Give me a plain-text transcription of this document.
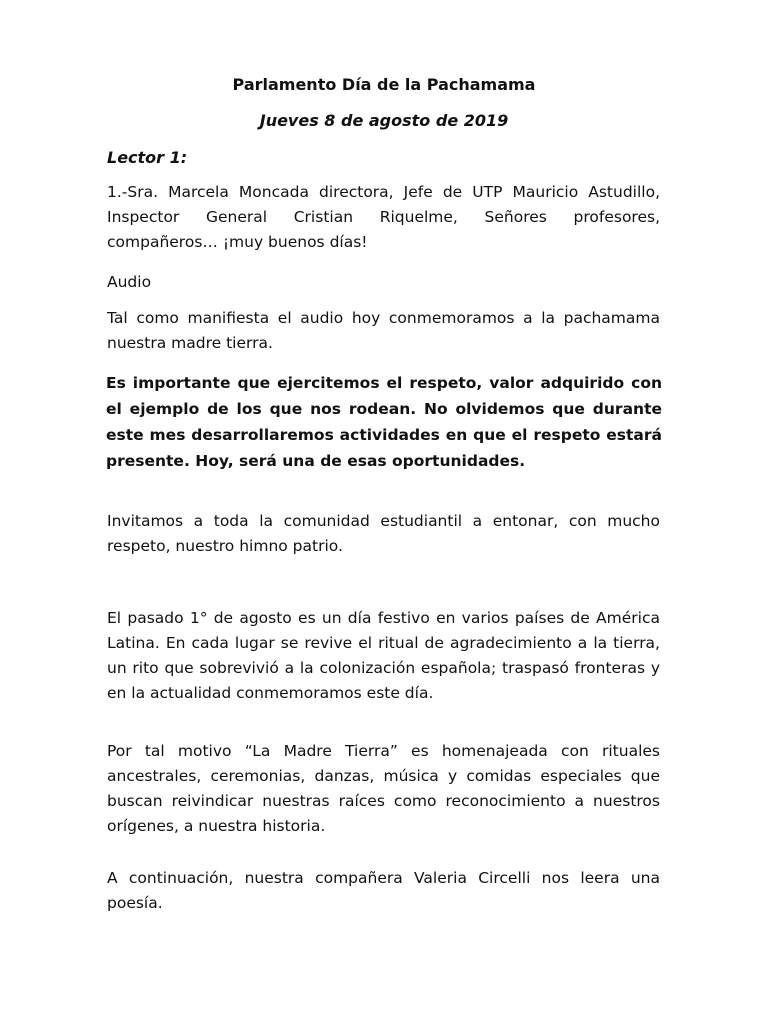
Parlamento Día de la Pachamama
Jueves 8 de agosto de 2019

Lector 1:

1.-Sra. Marcela Moncada directora, Jefe de UTP Mauricio Astudillo, Inspector General Cristian Riquelme, Señores profesores, compañeros… ¡muy buenos días!

Audio

Tal como manifiesta el audio hoy conmemoramos a la pachamama nuestra madre tierra.

Es importante que ejercitemos el respeto, valor adquirido con el ejemplo de los que nos rodean. No olvidemos que durante este mes desarrollaremos actividades en que el respeto estará presente. Hoy, será una de esas oportunidades.

Invitamos a toda la comunidad estudiantil a entonar, con mucho respeto, nuestro himno patrio.

El pasado 1° de agosto es un día festivo en varios países de América Latina. En cada lugar se revive el ritual de agradecimiento a la tierra, un rito que sobrevivió a la colonización española; traspasó fronteras y en la actualidad conmemoramos este día.

Por tal motivo “La Madre Tierra” es homenajeada con rituales ancestrales, ceremonias, danzas, música y comidas especiales que buscan reivindicar nuestras raíces como reconocimiento a nuestros orígenes, a nuestra historia.

A continuación, nuestra compañera Valeria Circelli nos leera una poesía.
